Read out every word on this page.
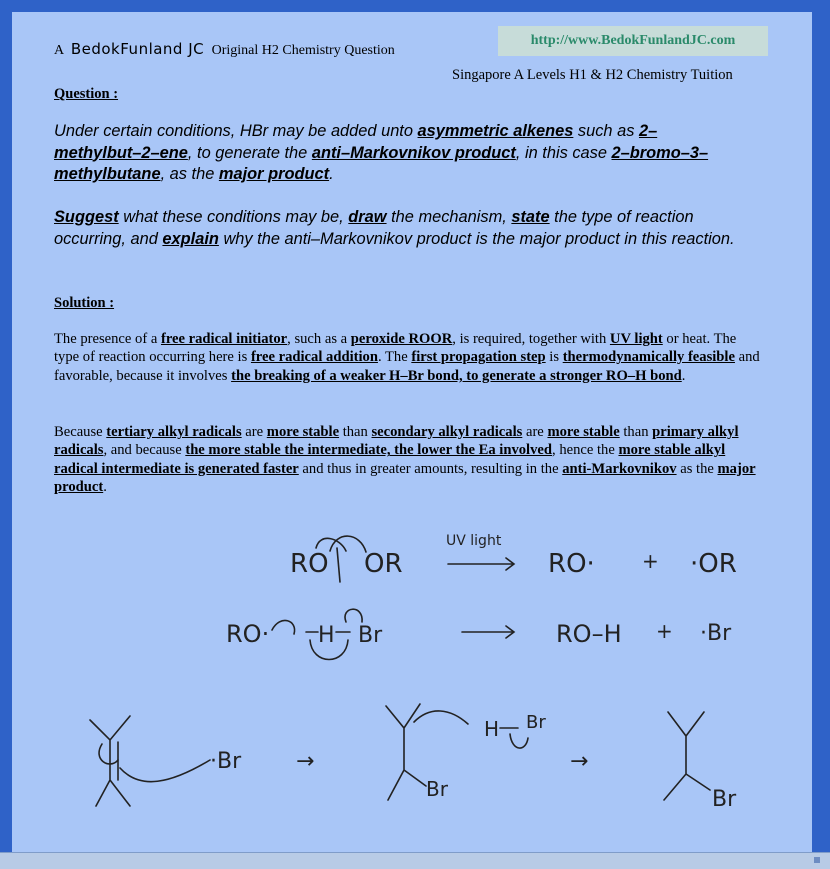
A BedokFunland JC Original H2 Chemistry Question
http://www.BedokFunlandJC.com
Singapore A Levels H1 & H2 Chemistry Tuition
Question :
Under certain conditions, HBr may be added unto asymmetric alkenes such as 2–methylbut–2–ene, to generate the anti–Markovnikov product, in this case 2–bromo–3–methylbutane, as the major product.
Suggest what these conditions may be, draw the mechanism, state the type of reaction occurring, and explain why the anti–Markovnikov product is the major product in this reaction.
Solution :
The presence of a free radical initiator, such as a peroxide ROOR, is required, together with UV light or heat. The type of reaction occurring here is free radical addition. The first propagation step is thermodynamically feasible and favorable, because it involves the breaking of a weaker H–Br bond, to generate a stronger RO–H bond.
Because tertiary alkyl radicals are more stable than secondary alkyl radicals are more stable than primary alkyl radicals, and because the more stable the intermediate, the lower the Ea involved, hence the more stable alkyl radical intermediate is generated faster and thus in greater amounts, resulting in the anti-Markovnikov as the major product.
RO OR
UV light
RO· + ·OR
RO· H Br	RO–H + ·Br
·Br →
Br
H Br
→
Br
